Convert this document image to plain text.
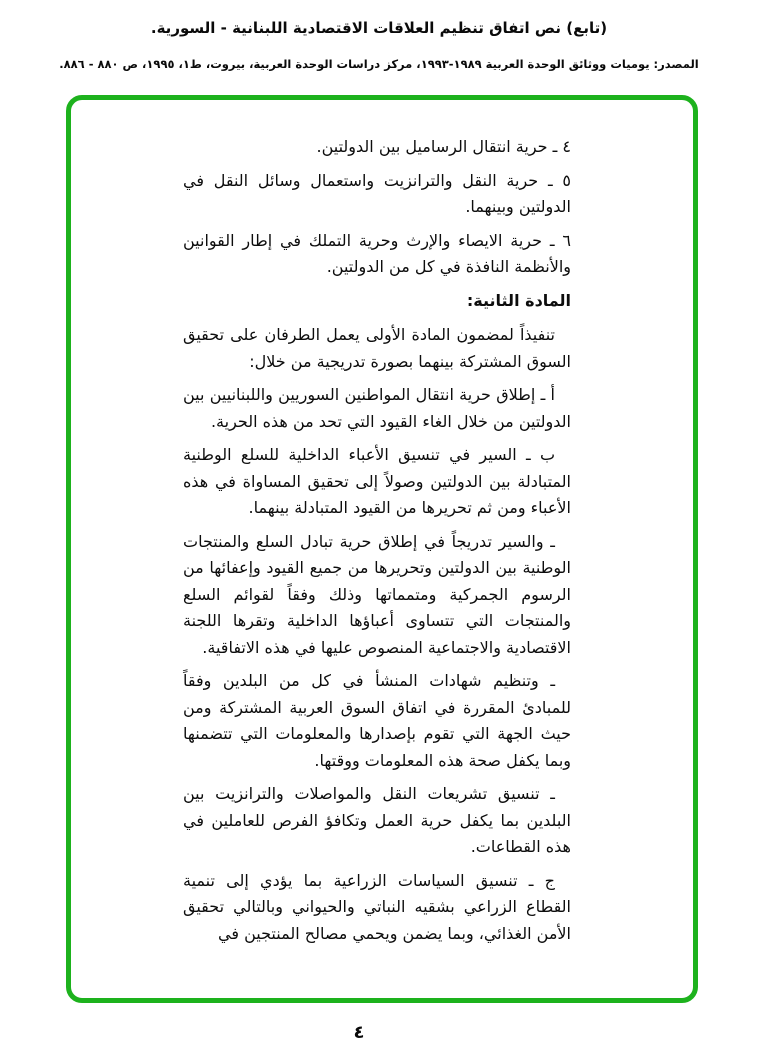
(تابع) نص اتفاق تنظيم العلاقات الاقتصادية اللبنانية - السورية.
المصدر: يوميات ووثائق الوحدة العربية ١٩٨٩-١٩٩٣، مركز دراسات الوحدة العربية، بيروت، ط١، ١٩٩٥، ص ٨٨٠ - ٨٨٦.

٤ ـ حرية انتقال الرساميل بين الدولتين.

٥ ـ حرية النقل والترانزيت واستعمال وسائل النقل في الدولتين وبينهما.

٦ ـ حرية الايصاء والإرث وحرية التملك في إطار القوانين والأنظمة النافذة في كل من الدولتين.

المادة الثانية:

تنفيذاً لمضمون المادة الأولى يعمل الطرفان على تحقيق السوق المشتركة بينهما بصورة تدريجية من خلال:

أ ـ إطلاق حرية انتقال المواطنين السوريين واللبنانيين بين الدولتين من خلال الغاء القيود التي تحد من هذه الحرية.

ب ـ السير في تنسيق الأعباء الداخلية للسلع الوطنية المتبادلة بين الدولتين وصولاً إلى تحقيق المساواة في هذه الأعباء ومن ثم تحريرها من القيود المتبادلة بينهما.

ـ والسير تدريجاً في إطلاق حرية تبادل السلع والمنتجات الوطنية بين الدولتين وتحريرها من جميع القيود وإعفائها من الرسوم الجمركية ومتمماتها وذلك وفقاً لقوائم السلع والمنتجات التي تتساوى أعباؤها الداخلية وتقرها اللجنة الاقتصادية والاجتماعية المنصوص عليها في هذه الاتفاقية.

ـ وتنظيم شهادات المنشأ في كل من البلدين وفقاً للمبادئ المقررة في اتفاق السوق العربية المشتركة ومن حيث الجهة التي تقوم بإصدارها والمعلومات التي تتضمنها وبما يكفل صحة هذه المعلومات ووقتها.

ـ تنسيق تشريعات النقل والمواصلات والترانزيت بين البلدين بما يكفل حرية العمل وتكافؤ الفرص للعاملين في هذه القطاعات.

ج ـ تنسيق السياسات الزراعية بما يؤدي إلى تنمية القطاع الزراعي بشقيه النباتي والحيواني وبالتالي تحقيق الأمن الغذائي، وبما يضمن ويحمي مصالح المنتجين في

٤
